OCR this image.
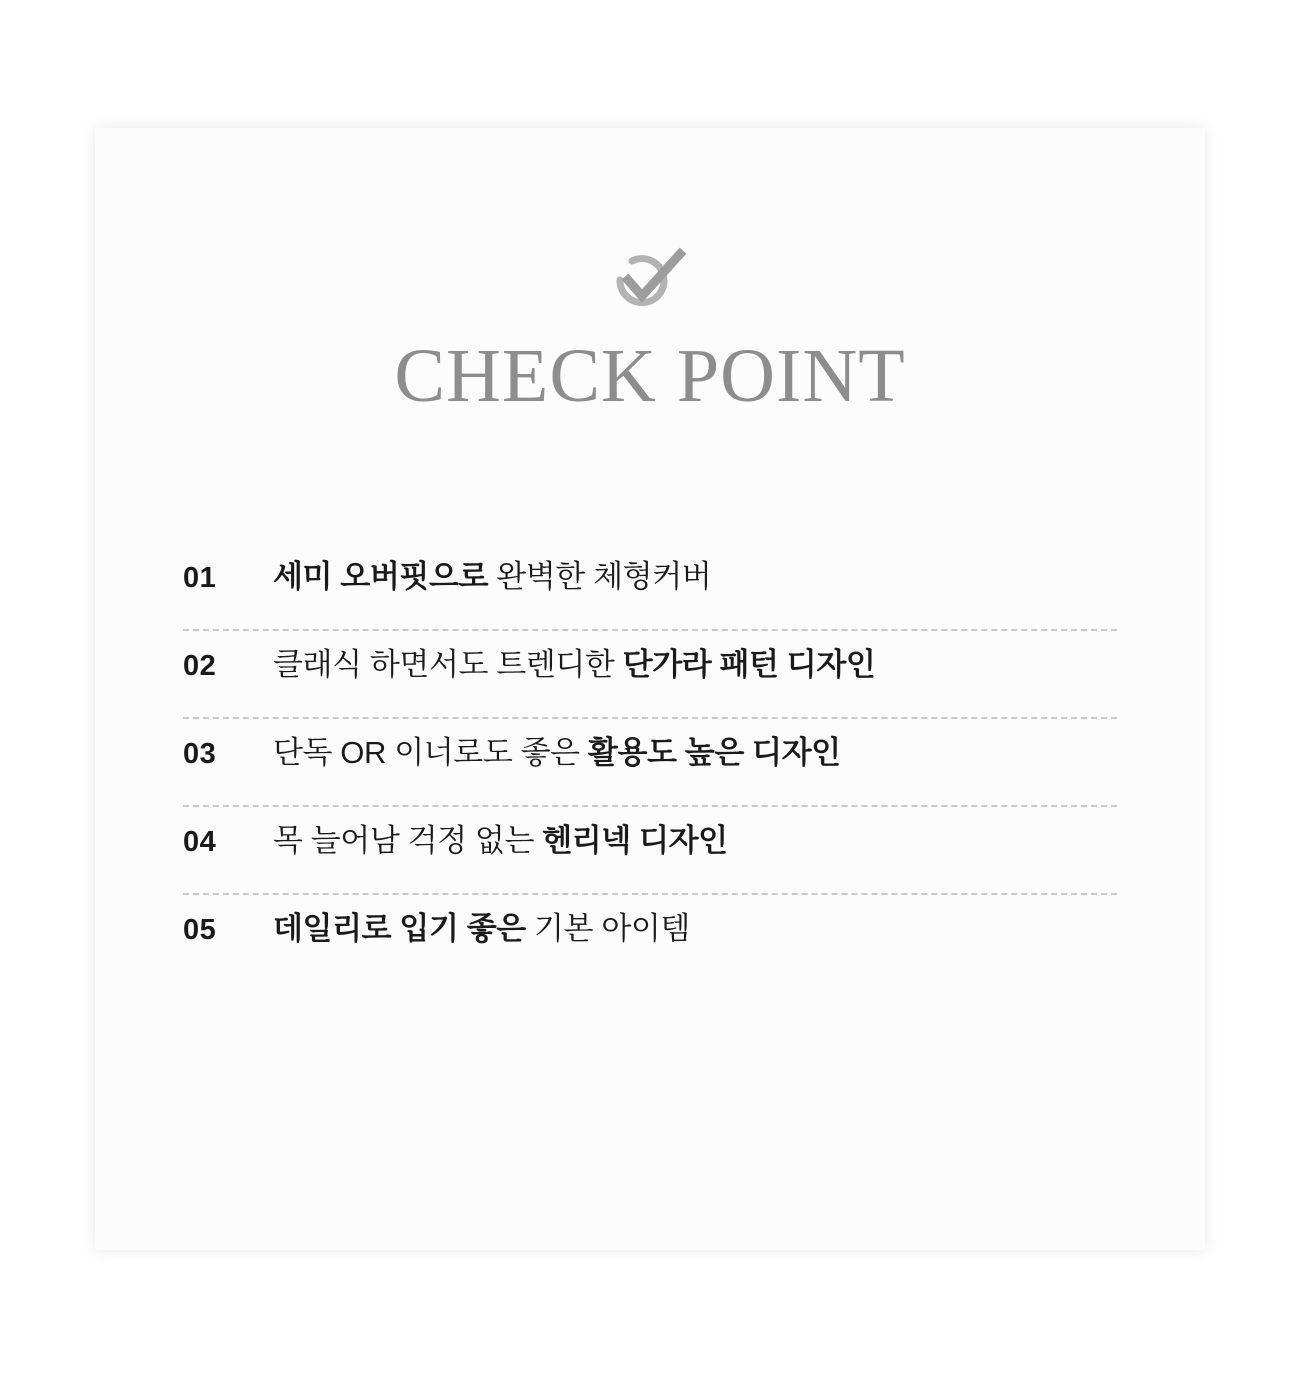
CHECK POINT
01	세미 오버핏으로 완벽한 체형커버
02	클래식 하면서도 트렌디한 단가라 패턴 디자인
03	단독 OR 이너로도 좋은 활용도 높은 디자인
04	목 늘어남 걱정 없는 헨리넥 디자인
05	데일리로 입기 좋은 기본 아이템
